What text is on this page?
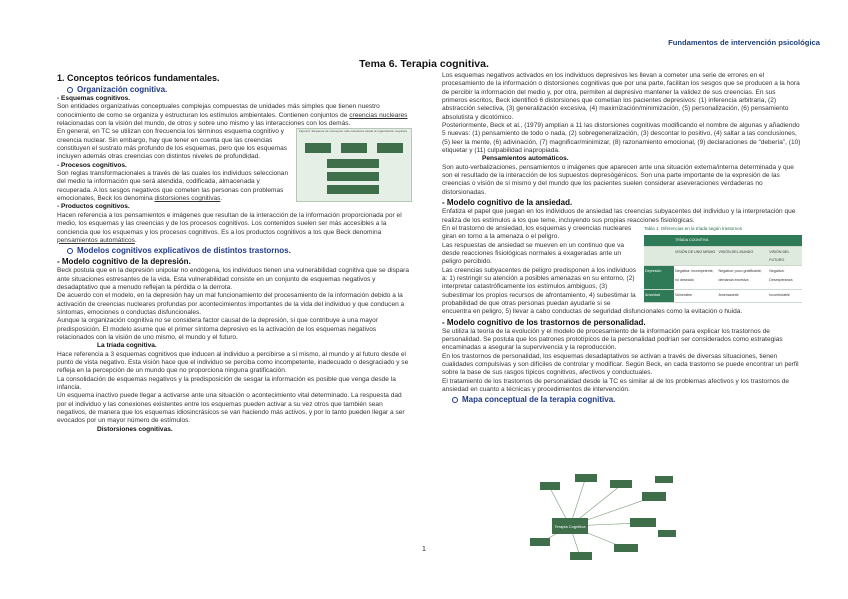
Fundamentos de intervención psicológica
Tema 6. Terapia cognitiva.

1. Conceptos teóricos fundamentales.

Organización cognitiva.

- Esquemas cognitivos.

Son entidades organizativas conceptuales complejas compuestas de unidades más simples que tienen nuestro conocimiento de como se organiza y estructuran los estímulos ambientales. Contienen conjuntos de creencias nucleares relacionadas con la visión del mundo, de otros y sobre uno mismo y las interacciones con los demás.

Figura 6. Esquema de conceptos más relevantes desde la organización cognitiva

En general, en TC se utilizan con frecuencia los términos esquema cognitivo y creencia nuclear. Sin embargo, hay que tener en cuenta que las creencias constituyen el sustrato más profundo de los esquemas, pero que los esquemas incluyen además otras creencias con distintos niveles de profundidad.

- Procesos cognitivos.

Son reglas transformacionales a través de las cuales los individuos seleccionan del medio la información que será atendida, codificada, almacenada y recuperada. A los sesgos negativos que cometen las personas con problemas emocionales, Beck los denomina distorsiones cognitivas.

- Productos cognitivos.

Hacen referencia a los pensamientos e imágenes que resultan de la interacción de la información proporcionada por el medio, los esquemas y las creencias y de los procesos cognitivos. Los contenidos suelen ser más accesibles a la conciencia que los esquemas y los procesos cognitivos. Es a los productos cognitivos a los que Beck denomina pensamientos automáticos.

Modelos cognitivos explicativos de distintos trastornos.

- Modelo cognitivo de la depresión.

Beck postula que en la depresión unipolar no endógena, los individuos tienen una vulnerabilidad cognitiva que se dispara ante situaciones estresantes de la vida. Esta vulnerabilidad consiste en un conjunto de esquemas negativos y desadaptativo que a menudo reflejan la pérdida o la derrota.

De acuerdo con el modelo, en la depresión hay un mal funcionamiento del procesamiento de la información debido a la activación de creencias nucleares profundas por acontecimientos importantes de la vida del individuo y que conducen a síntomas, emociones o conductas disfuncionales.

Aunque la organización cognitiva no se considera factor causal de la depresión, si que contribuye a una mayor predisposición. El modelo asume que el primer síntoma depresivo es la activación de los esquemas negativos relacionados con la visión de uno mismo, el mundo y el futuro.

La tríada cognitiva.

Hace referencia a 3 esquemas cognitivos que inducen al individuo a percibirse a sí mismo, al mundo y al futuro desde el punto de vista negativo. Esta visión hace que el individuo se perciba como incompetente, inadecuado o desgraciado y se refleja en la percepción de un mundo que no proporciona ninguna gratificación.

La consolidación de esquemas negativos y la predisposición de sesgar la información es posible que venga desde la infancia.

Un esquema inactivo puede llegar a activarse ante una situación o acontecimiento vital determinado. La respuesta dad por el individuo y las conexiones existentes entre los esquemas pueden activar a su vez otros que también sean negativos, de manera que los esquemas idiosincrásicos se van haciendo más activos, y por lo tanto pueden llegar a ser evocados por un mayor número de estímulos.

Distorsiones cognitivas.

Los esquemas negativos activados en los individuos depresivos les llevan a cometer una serie de errores en el procesamiento de la información o distorsiones cognitivas que por una parte, facilitan los sesgos que se producen a la hora de percibir la información del medio y, por otra, permiten al depresivo mantener la validez de sus creencias. En sus primeros escritos, Beck identificó 6 distorsiones que cometían los pacientes depresivos: (1) inferencia arbitraria, (2) abstracción selectiva, (3) generalización excesiva, (4) maximización/minimización, (5) personalización, (6) pensamiento absolutista y dicotómico.

Posteriormente, Beck et al., (1979) amplían a 11 las distorsiones cognitivas modificando el nombre de algunas y añadiendo 5 nuevas: (1) pensamiento de todo o nada, (2) sobregeneralización, (3) descontar lo positivo, (4) saltar a las conclusiones, (5) leer la mente, (6) adivinación, (7) magnificar/minimizar, (8) razonamiento emocional, (9) declaraciones de “debería”, (10) etiquetar y (11) culpabilidad inapropiada.

Pensamientos automáticos.

Son auto-verbalizaciones, pensamientos o imágenes que aparecen ante una situación externa/interna determinada y que son el resultado de la interacción de los supuestos depresógénicos. Son una parte importante de la expresión de las creencias o visión de sí mismo y del mundo que los pacientes suelen considerar aseveraciones verdaderas no distorsionadas.

- Modelo cognitivo de la ansiedad.

Enfatiza el papel que juegan en los individuos de ansiedad las creencias subyacentes del individuo y la interpretación que realiza de los estímulos a los que teme, incluyendo sus propias reacciones fisiológicas.

Tabla 1. Diferencias en la tríada según trastornos
	TRÍADA COGNITIVA		
	VISIÓN DE UNO MISMO	VISIÓN DEL MUNDO	VISIÓN DEL FUTURO
Depresión	Negativa: incompetente, no deseado	Negativa: poco gratificante, demanda excesiva	Negativa: Desesperanza
Ansiedad	Vulnerable	Amenazante	Incontrolable

En el trastorno de ansiedad, los esquemas y creencias nucleares giran en torno a la amenaza o el peligro.

Las respuestas de ansiedad se mueven en un continuo que va desde reacciones fisiológicas normales a exageradas ante un peligro percibido.

Las creencias subyacentes de peligro predisponen a los individuos a: 1) restringir su atención a posibles amenazas en su entorno, (2) interpretar catastróficamente los estímulos ambiguos, (3) subestimar los propios recursos de afrontamiento, 4) subestimar la probabilidad de que otras personas puedan ayudarle si se encuentra en peligro, 5) llevar a cabo conductas de seguridad disfuncionales como la evitación o huida.

- Modelo cognitivo de los trastornos de personalidad.

Se utiliza la teoría de la evolución y el modelo de procesamiento de la información para explicar los trastornos de personalidad. Se postula que los patrones prototípicos de la personalidad podrían ser considerados como estrategias encaminadas a asegurar la supervivencia y la reproducción.

En los trastornos de personalidad, los esquemas desadaptativos se activan a través de diversas situaciones, tienen cualidades compulsivas y son difíciles de controlar y modificar. Según Beck, en cada trastorno se puede encontrar un perfil sobre la base de sus rasgos típicos cognitivos, afectivos y conductuales.

El tratamiento de los trastornos de personalidad desde la TC es similar al de los problemas afectivos y los trastornos de ansiedad en cuanto a técnicas y procedimientos de intervención.

Mapa conceptual de la terapia cognitiva.

Terapia Cognitiva
1
